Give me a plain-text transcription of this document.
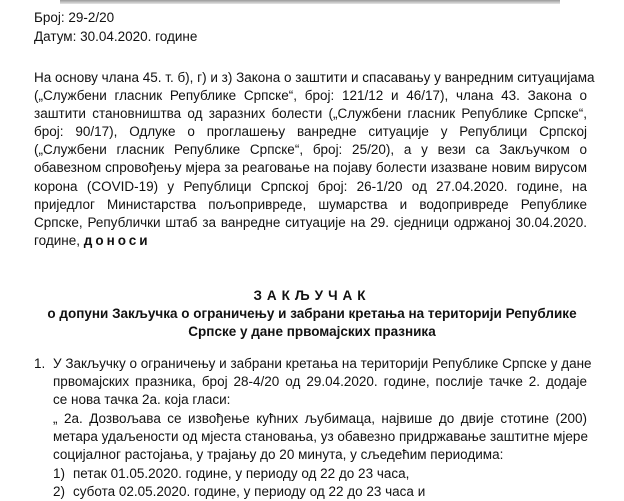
Број: 29-2/20
Датум: 30.04.2020. године
На основу члана 45. т. б), г) и з) Закона о заштити и спасавању у ванредним ситуацијама
(„Службени гласник Републике Српске“, број: 121/12 и 46/17), члана 43. Закона о
заштити становништва од заразних болести („Службени гласник Републике Српске“,
број: 90/17), Одлуке о проглашењу ванредне ситуације у Републици Српској
(„Службени гласник Републике Српске“, број: 25/20), а у вези са Закључком о
обавезном спровођењу мјера за реаговање на појаву болести изазване новим вирусом
корона (COVID-19) у Републици Српској број: 26-1/20 од 27.04.2020. године, на
приједлог Министарства пољопривреде, шумарства и водопривреде Републике
Српске, Републички штаб за ванредне ситуације на 29. сједници одржаној 30.04.2020.
године, доноси
ЗАКЉУЧАК
о допуни Закључка о ограничењу и забрани кретања на територији Републике
Српске у дане првомајских празника
1. У Закључку о ограничењу и забрани кретања на територији Републике Српске у дане
првомајских празника, број 28-4/20 од 29.04.2020. године, послије тачке 2. додаје
се нова тачка 2а. која гласи:
„ 2а. Дозвољава се извођење кућних љубимаца, највише до двије стотине (200)
метара удаљености од мјеста становања, уз обавезно придржавање заштитне мјере
социјалног растојања, у трајању до 20 минута, у сљедећим периодима:
1) петак 01.05.2020. године, у периоду од 22 до 23 часа,
2) субота 02.05.2020. године, у периоду од 22 до 23 часа и
